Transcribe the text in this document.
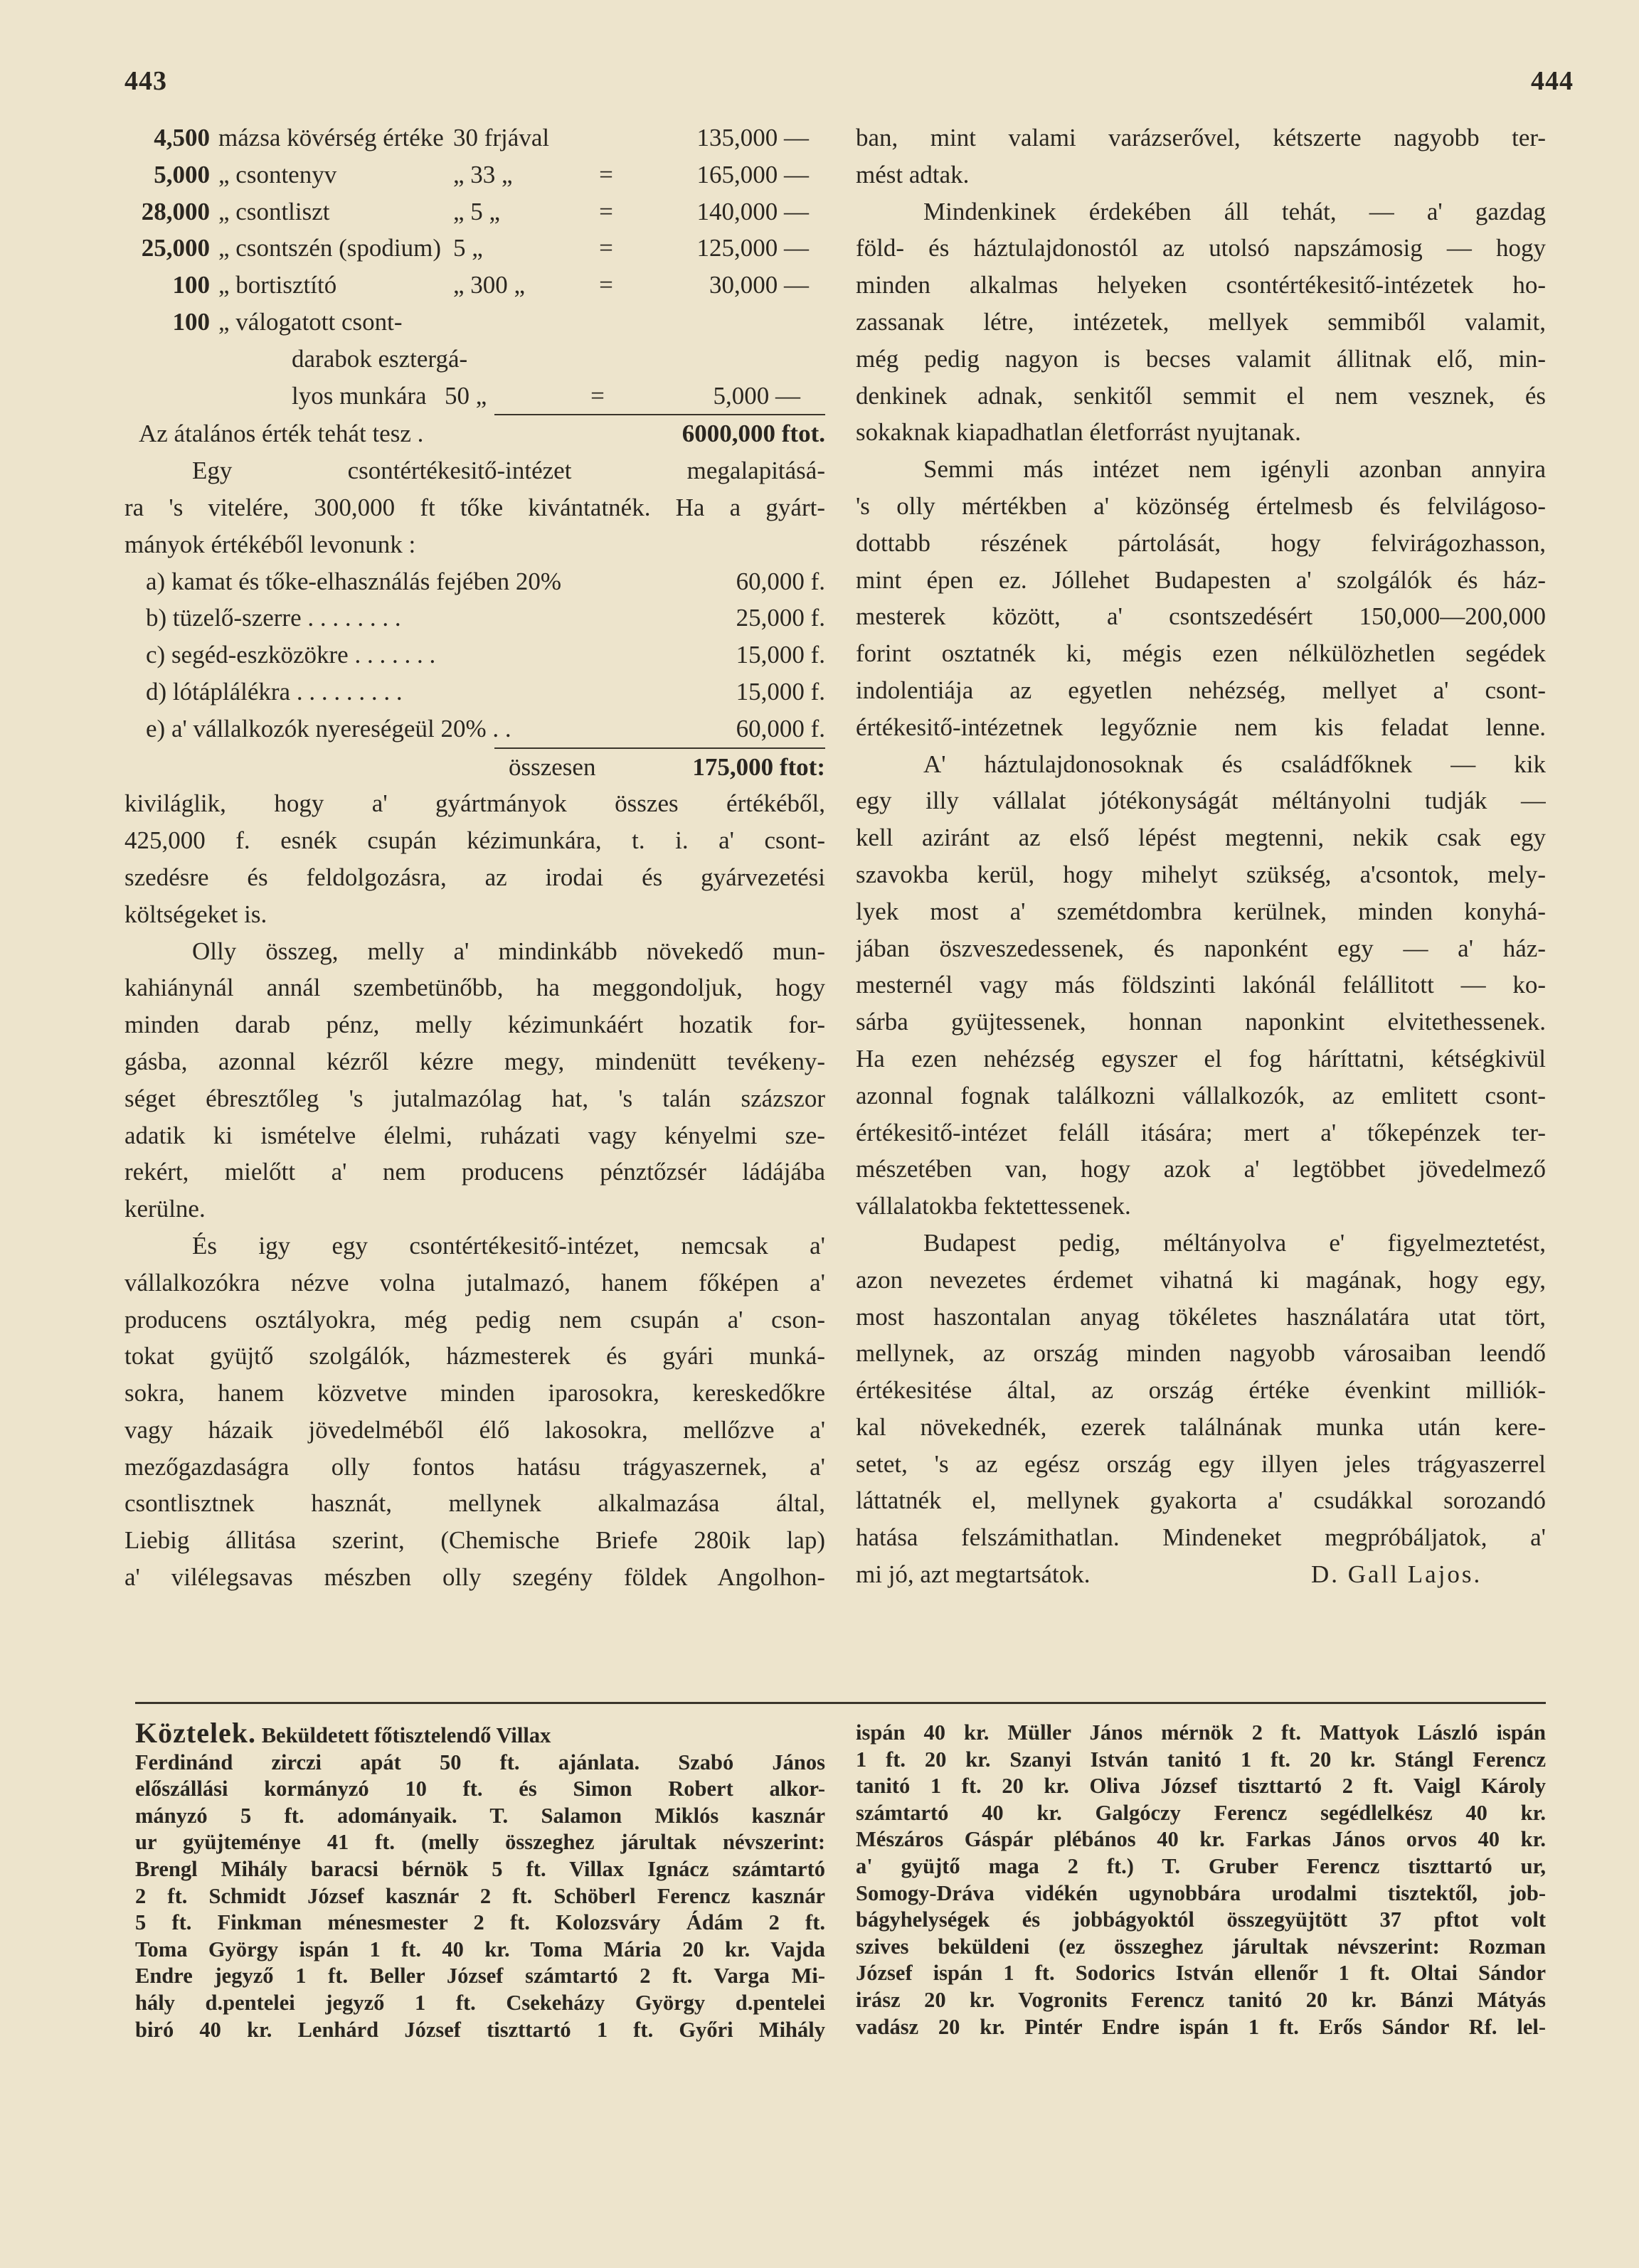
443	444
4,500 mázsa kövérség értéke 30 frjával	135,000 —
5,000 „ csontenyv	„ 33 „	=	165,000 —
28,000 „ csontliszt	„ 5 „	=	140,000 —
25,000 „ csontszén (spodium) 5 „	=	125,000 —
100 „ bortisztító	„ 300 „	=	30,000 —
100 „ válogatott csont-
darabok esztergá-
lyos munkára 50 „	=	5,000 —
Az átalános érték tehát tesz .	6000,000 ftot.
Egy csontértékesitő-intézet megalapitásá-
ra 's vitelére, 300,000 ft tőke kivántatnék. Ha a gyárt-
mányok értékéből levonunk :
a) kamat és tőke-elhasználás fejében 20%	60,000 f.
b) tüzelő-szerre . . . . . . . .	25,000 f.
c) segéd-eszközökre . . . . . . .	15,000 f.
d) lótáplálékra . . . . . . . . .	15,000 f.
e) a' vállalkozók nyereségeül 20% . .	60,000 f.
összesen	175,000 ftot:
kiviláglik, hogy a' gyártmányok összes értékéből,
425,000 f. esnék csupán kézimunkára, t. i. a' csont-
szedésre és feldolgozásra, az irodai és gyárvezetési
költségeket is.
Olly összeg, melly a' mindinkább növekedő mun-
kahiánynál annál szembetünőbb, ha meggondoljuk, hogy
minden darab pénz, melly kézimunkáért hozatik for-
gásba, azonnal kézről kézre megy, mindenütt tevékeny-
séget ébresztőleg 's jutalmazólag hat, 's talán százszor
adatik ki ismételve élelmi, ruházati vagy kényelmi sze-
rekért, mielőtt a' nem producens pénztőzsér ládájába
kerülne.
És igy egy csontértékesitő-intézet, nemcsak a'
vállalkozókra nézve volna jutalmazó, hanem főképen a'
producens osztályokra, még pedig nem csupán a' cson-
tokat gyüjtő szolgálók, házmesterek és gyári munká-
sokra, hanem közvetve minden iparosokra, kereskedőkre
vagy házaik jövedelméből élő lakosokra, mellőzve a'
mezőgazdaságra olly fontos hatásu trágyaszernek, a'
csontlisztnek hasznát, mellynek alkalmazása által,
Liebig állitása szerint, (Chemische Briefe 280ik lap)
a' vilélegsavas mészben olly szegény földek Angolhon-
ban, mint valami varázserővel, kétszerte nagyobb ter-
mést adtak.
Mindenkinek érdekében áll tehát, — a' gazdag
föld- és háztulajdonostól az utolsó napszámosig — hogy
minden alkalmas helyeken csontértékesitő-intézetek ho-
zassanak létre, intézetek, mellyek semmiből valamit,
még pedig nagyon is becses valamit állitnak elő, min-
denkinek adnak, senkitől semmit el nem vesznek, és
sokaknak kiapadhatlan életforrást nyujtanak.
Semmi más intézet nem igényli azonban annyira
's olly mértékben a' közönség értelmesb és felvilágoso-
dottabb részének pártolását, hogy felvirágozhasson,
mint épen ez. Jóllehet Budapesten a' szolgálók és ház-
mesterek között, a' csontszedésért 150,000—200,000
forint osztatnék ki, mégis ezen nélkülözhetlen segédek
indolentiája az egyetlen nehézség, mellyet a' csont-
értékesitő-intézetnek legyőznie nem kis feladat lenne.
A' háztulajdonosoknak és családfőknek — kik
egy illy vállalat jótékonyságát méltányolni tudják —
kell aziránt az első lépést megtenni, nekik csak egy
szavokba kerül, hogy mihelyt szükség, a'csontok, mely-
lyek most a' szemétdombra kerülnek, minden konyhá-
jában öszveszedessenek, és naponként egy — a' ház-
mesternél vagy más földszinti lakónál felállitott — ko-
sárba gyüjtessenek, honnan naponkint elvitethessenek.
Ha ezen nehézség egyszer el fog háríttatni, kétségkivül
azonnal fognak találkozni vállalkozók, az emlitett csont-
értékesitő-intézet feláll itására; mert a' tőkepénzek ter-
mészetében van, hogy azok a' legtöbbet jövedelmező
vállalatokba fektettessenek.
Budapest pedig, méltányolva e' figyelmeztetést,
azon nevezetes érdemet vihatná ki magának, hogy egy,
most haszontalan anyag tökéletes használatára utat tört,
mellynek, az ország minden nagyobb városaiban leendő
értékesitése által, az ország értéke évenkint milliók-
kal növekednék, ezerek találnának munka után kere-
setet, 's az egész ország egy illyen jeles trágyaszerrel
láttatnék el, mellynek gyakorta a' csudákkal sorozandó
hatása felszámithatlan. Mindeneket megpróbáljatok, a'
mi jó, azt megtartsátok.	D. Gall Lajos.
Köztelek. Beküldetett főtisztelendő Villax
Ferdinánd zirczi apát 50 ft. ajánlata. Szabó János
előszállási kormányzó 10 ft. és Simon Robert alkor-
mányzó 5 ft. adományaik. T. Salamon Miklós kasznár
ur gyüjteménye 41 ft. (melly összeghez járultak névszerint:
Brengl Mihály baracsi bérnök 5 ft. Villax Ignácz számtartó
2 ft. Schmidt József kasznár 2 ft. Schöberl Ferencz kasznár
5 ft. Finkman ménesmester 2 ft. Kolozsváry Ádám 2 ft.
Toma György ispán 1 ft. 40 kr. Toma Mária 20 kr. Vajda
Endre jegyző 1 ft. Beller József számtartó 2 ft. Varga Mi-
hály d.pentelei jegyző 1 ft. Csekeházy György d.pentelei
biró 40 kr. Lenhárd József tiszttartó 1 ft. Győri Mihály
ispán 40 kr. Müller János mérnök 2 ft. Mattyok László ispán
1 ft. 20 kr. Szanyi István tanitó 1 ft. 20 kr. Stángl Ferencz
tanitó 1 ft. 20 kr. Oliva József tiszttartó 2 ft. Vaigl Károly
számtartó 40 kr. Galgóczy Ferencz segédlelkész 40 kr.
Mészáros Gáspár plébános 40 kr. Farkas János orvos 40 kr.
a' gyüjtő maga 2 ft.) T. Gruber Ferencz tiszttartó ur,
Somogy-Dráva vidékén ugynobbára urodalmi tisztektől, job-
bágyhelységek és jobbágyoktól összegyüjtött 37 pftot volt
szives beküldeni (ez összeghez járultak névszerint: Rozman
József ispán 1 ft. Sodorics István ellenőr 1 ft. Oltai Sándor
irász 20 kr. Vogronits Ferencz tanitó 20 kr. Bánzi Mátyás
vadász 20 kr. Pintér Endre ispán 1 ft. Erős Sándor Rf. lel-
